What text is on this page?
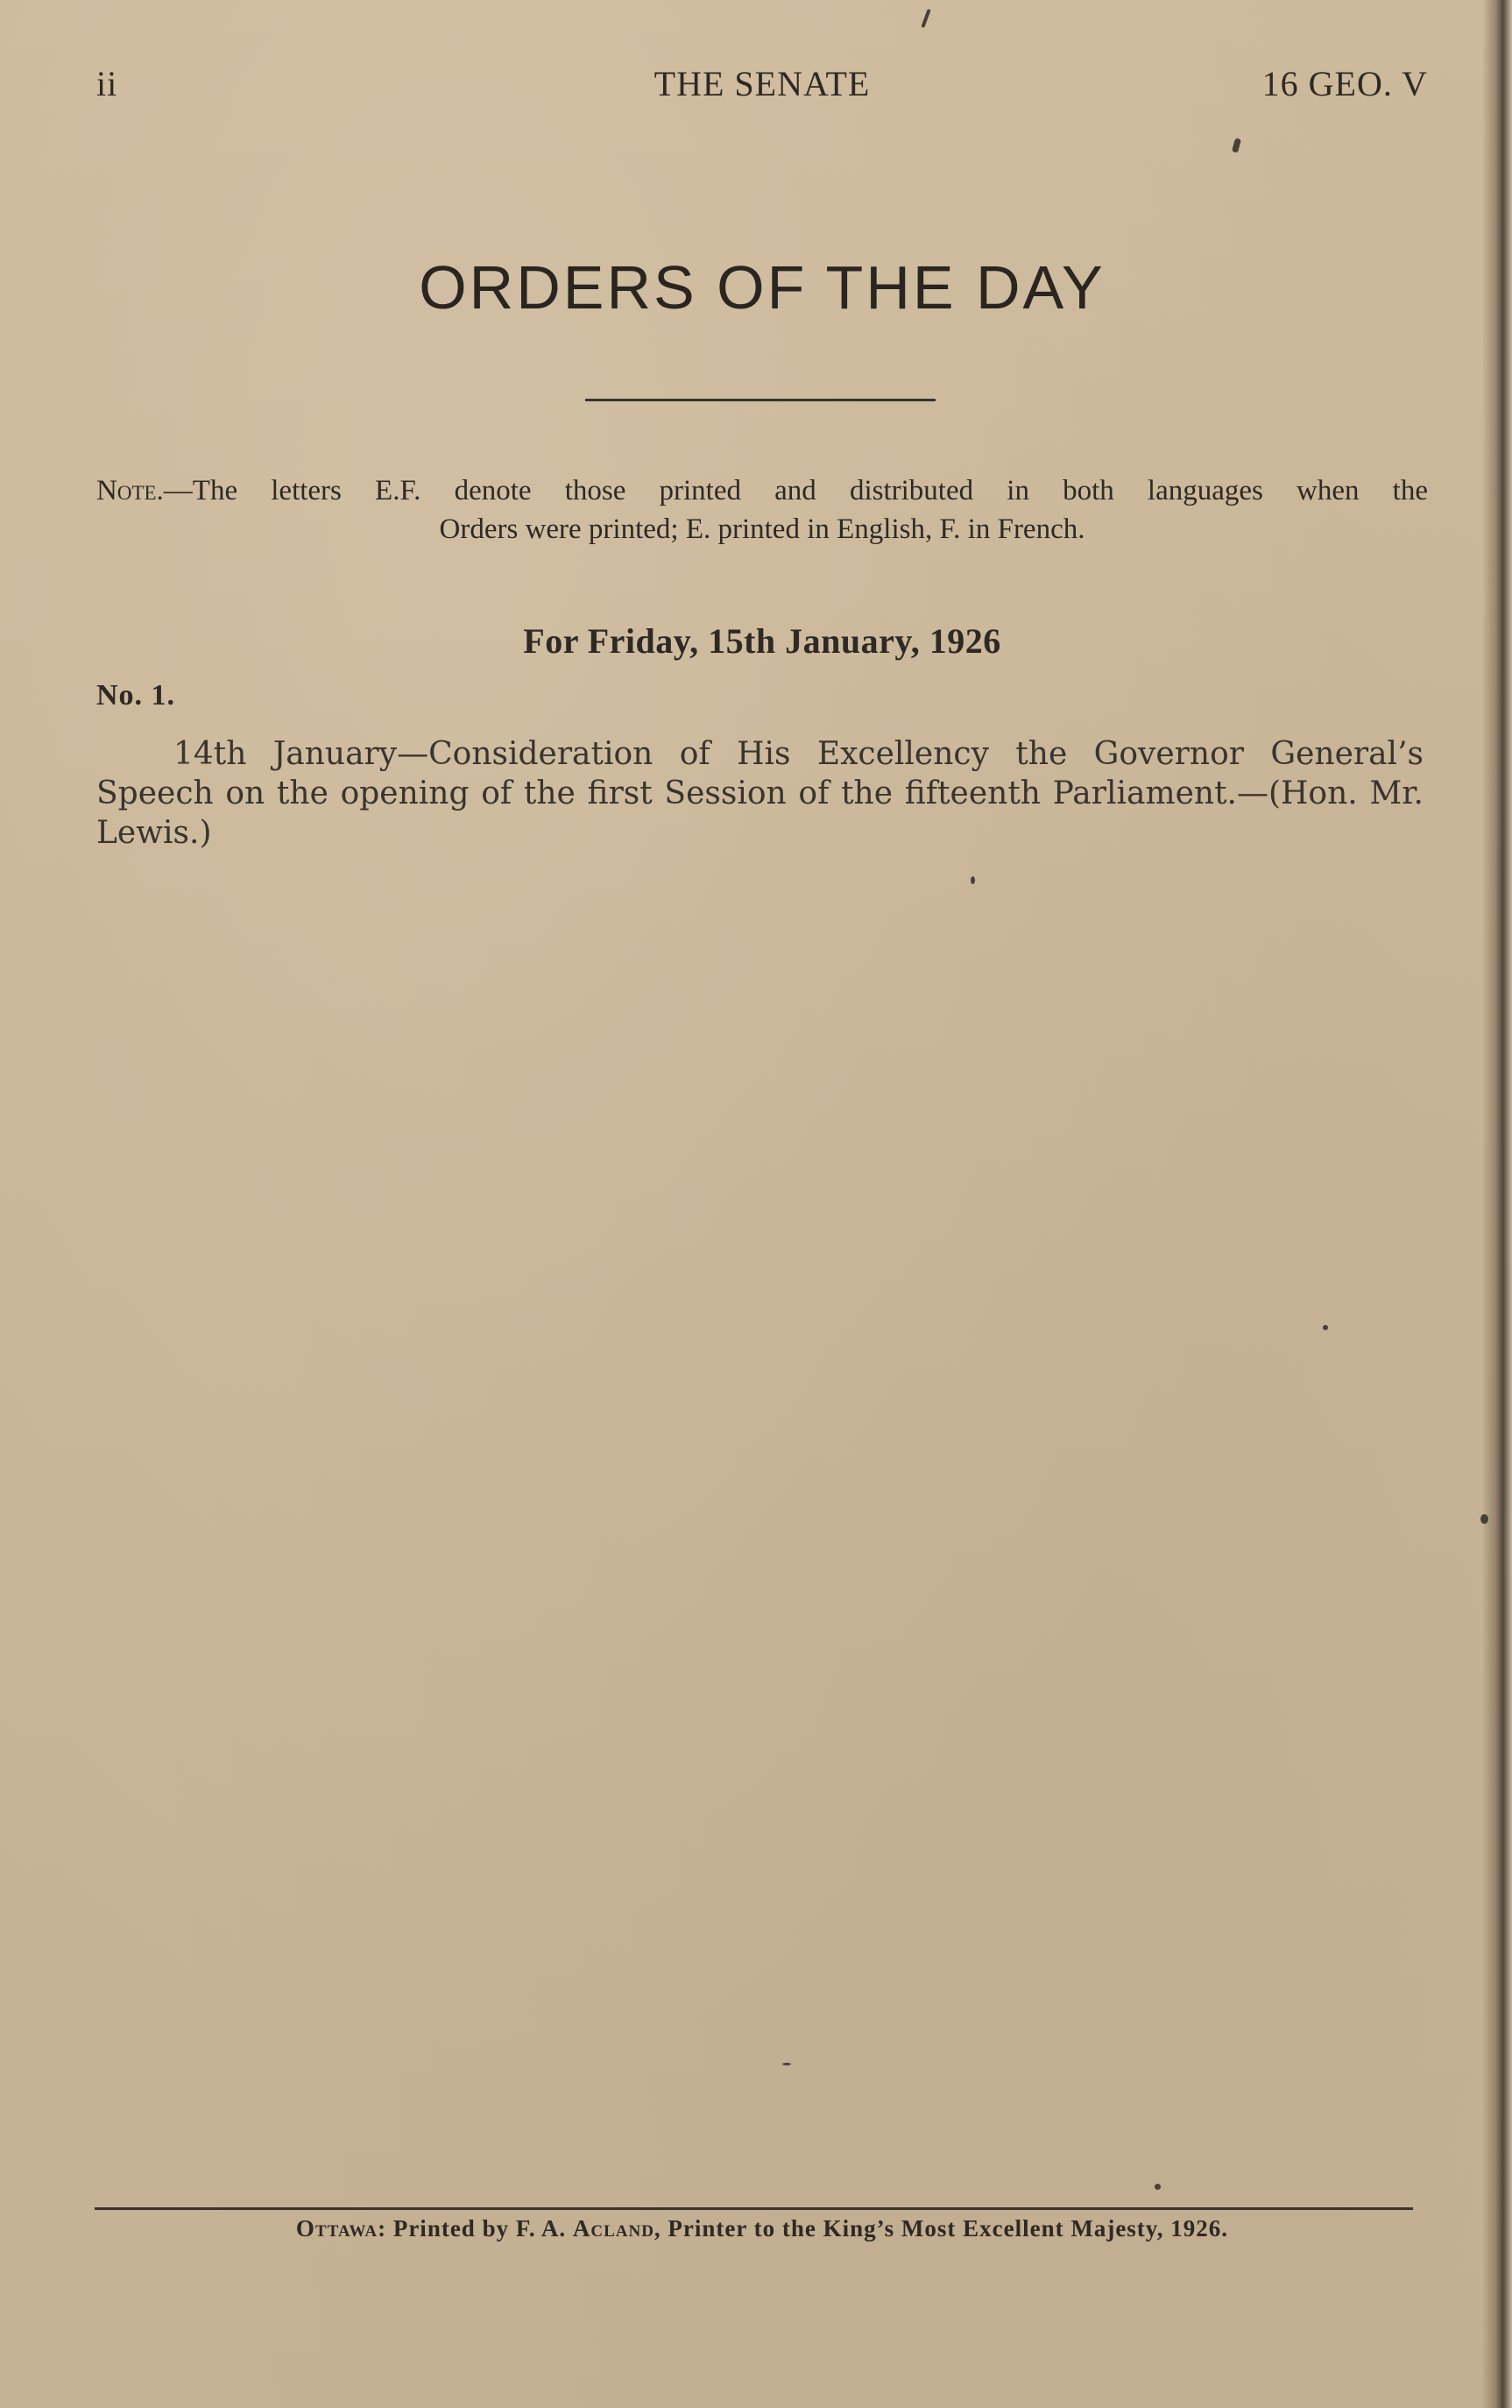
ii	THE SENATE	16 GEO. V
ORDERS OF THE DAY
Note.—The letters E.F. denote those printed and distributed in both languages when the
Orders were printed; E. printed in English, F. in French.
For Friday, 15th January, 1926
No. 1.
14th January—Consideration of His Excellency the Governor General’s Speech on the opening of the first Session of the fifteenth Parliament.—(Hon. Mr. Lewis.)
Ottawa: Printed by F. A. Acland, Printer to the King’s Most Excellent Majesty, 1926.
